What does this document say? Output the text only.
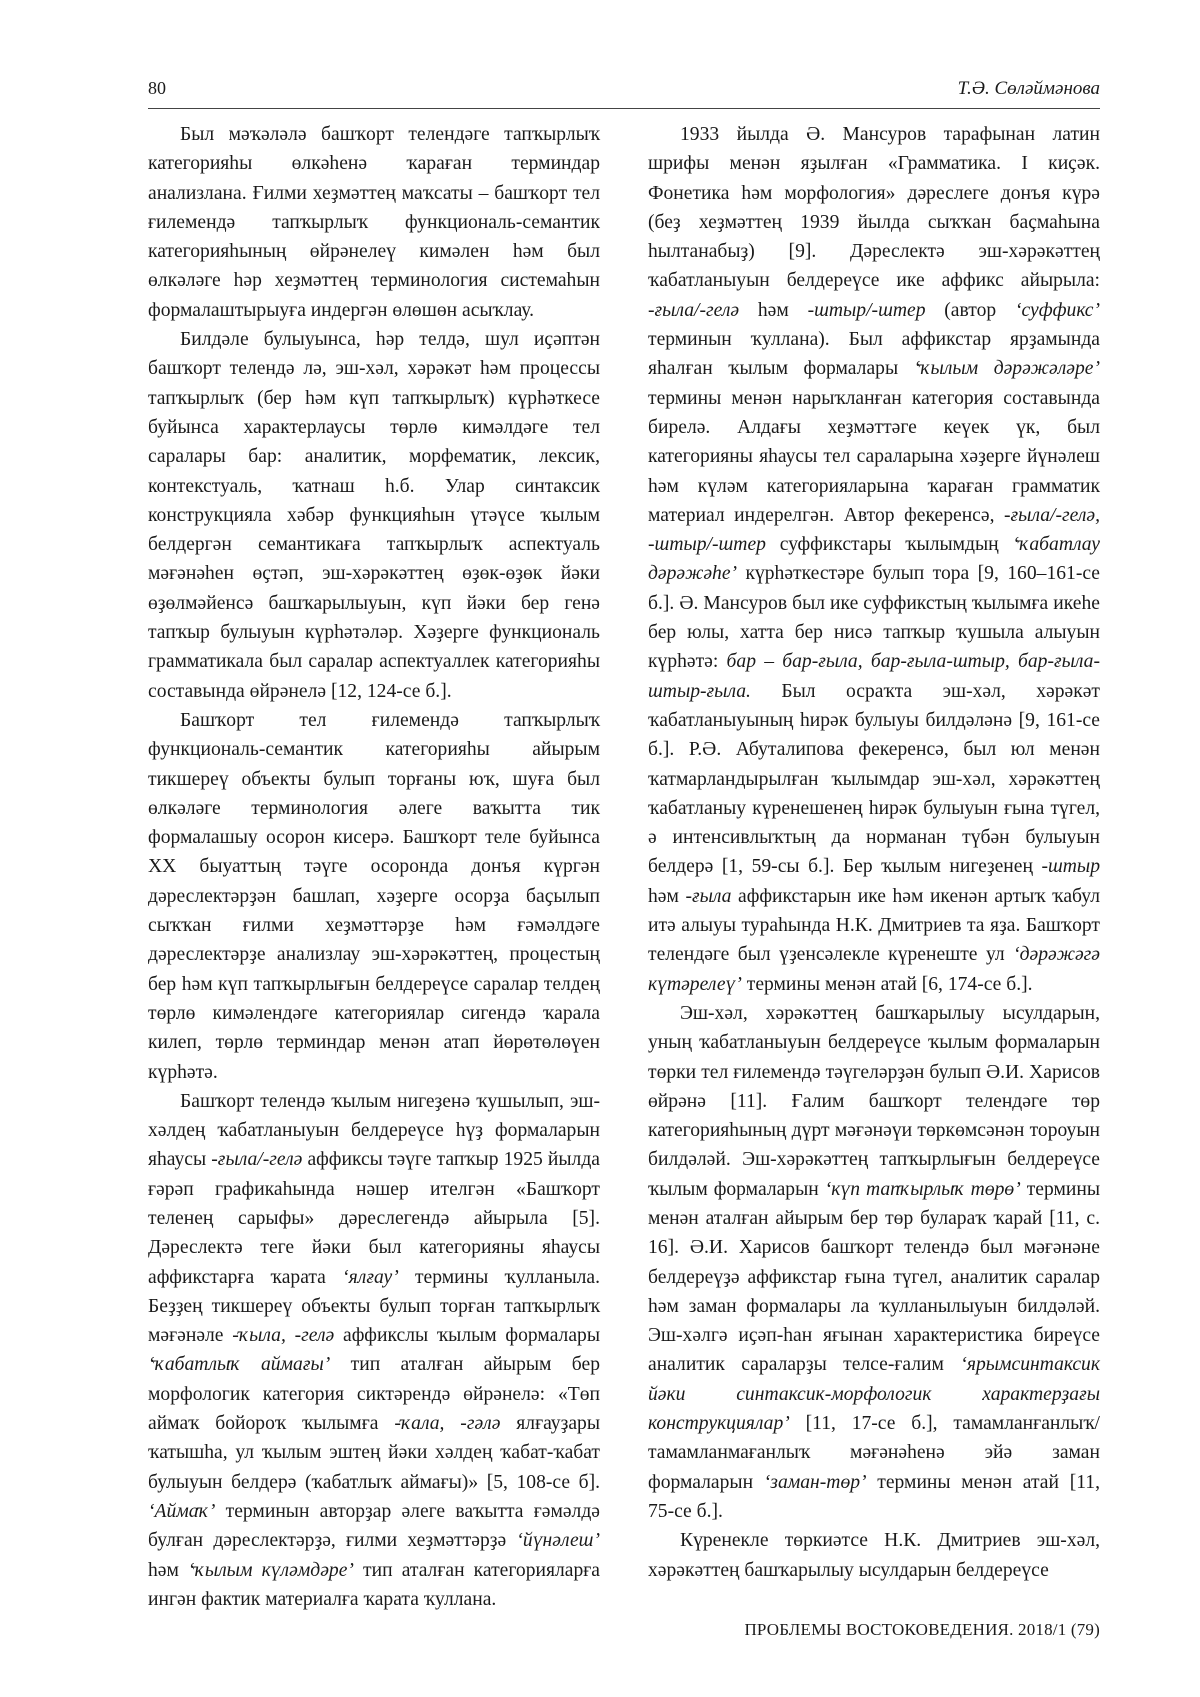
80	Т.Ә. Сөләймәнова

Был мәҡәләлә башҡорт телендәге тапҡырлыҡ категорияһы өлкәһенә ҡараған терминдар анализлана. Ғилми хеҙмәттең маҡсаты – башҡорт тел ғилемендә тапҡырлыҡ функциональ-семантик категорияһының өйрәнелеү кимәлен һәм был өлкәләге һәр хеҙмәттең терминология системаһын формалаштырыуға индергән өлөшөн асыҡлау.

Билдәле булыуынса, һәр телдә, шул иҫәптән башҡорт телендә лә, эш-хәл, хәрәкәт һәм процессы тапҡырлыҡ (бер һәм күп тапҡырлыҡ) күрһәткесе буйынса характерлаусы төрлө кимәлдәге тел саралары бар: аналитик, морфематик, лексик, контекстуаль, ҡатнаш һ.б. Улар синтаксик конструкцияла хәбәр функцияһын үтәүсе ҡылым белдергән семантикаға тапҡырлыҡ аспектуаль мәғәнәһен өҫтәп, эш-хәрәкәттең өҙөк-өҙөк йәки өҙөлмәйенсә башҡарылыуын, күп йәки бер генә тапҡыр булыуын күрһәтәләр. Хәҙерге функциональ грамматикала был саралар аспектуаллек категорияһы составында өйрәнелә [12, 124-се б.].

Башҡорт тел ғилемендә тапҡырлыҡ функциональ-семантик категорияһы айырым тикшереү объекты булып торғаны юҡ, шуға был өлкәләге терминология әлеге ваҡытта тик формалашыу осорон кисерә. Башҡорт теле буйынса XX быуаттың тәүге осоронда донъя күргән дәреслектәрҙән башлап, хәҙерге осорҙа баҫылып сыҡҡан ғилми хеҙмәттәрҙе һәм ғәмәлдәге дәреслектәрҙе анализлау эш-хәрәкәттең, процестың бер һәм күп тапҡырлығын белдереүсе саралар телдең төрлө кимәлендәге категориялар сигендә ҡарала килеп, төрлө терминдар менән атап йөрөтөлөүен күрһәтә.

Башҡорт телендә ҡылым нигеҙенә ҡушылып, эш-хәлдең ҡабатланыуын белдереүсе һүҙ формаларын яһаусы -ғыла/-гелә аффиксы тәүге тапҡыр 1925 йылда ғәрәп графикаһында нәшер ителгән «Башҡорт теленең сарыфы» дәреслегендә айырыла [5]. Дәреслектә теге йәки был категорияны яһаусы аффикстарға ҡарата ‘ялғау’ термины ҡулланыла. Беҙҙең тикшереү объекты булып торған тапҡырлыҡ мәғәнәле -ҡыла, -гелә аффикслы ҡылым формалары ‘ҡабатлыҡ аймағы’ тип аталған айырым бер морфологик категория сиктәрендә өйрәнелә: «Төп аймаҡ бойороҡ ҡылымға -ҡала, -гәлә ялғауҙары ҡатышһа, ул ҡылым эштең йәки хәлдең ҡабат-ҡабат булыуын белдерә (ҡабатлыҡ аймағы)» [5, 108-се б]. ‘Аймаҡ’ терминын авторҙар әлеге ваҡытта ғәмәлдә булған дәреслектәрҙә, ғилми хеҙмәттәрҙә ‘йүнәлеш’ һәм ‘ҡылым күләмдәре’ тип аталған категорияларға ингән фактик материалға ҡарата ҡуллана.

1933 йылда Ә. Мансуров тарафынан латин шрифы менән яҙылған «Грамматика. I киҫәк. Фонетика һәм морфология» дәреслеге донъя күрә (беҙ хеҙмәттең 1939 йылда сыҡҡан баҫмаһына һылтанабыҙ) [9]. Дәреслектә эш-хәрәкәттең ҡабатланыуын белдереүсе ике аффикс айырыла: -ғыла/-гелә һәм -штыр/-штер (автор ‘суффикс’ терминын ҡуллана). Был аффикстар ярҙамында яһалған ҡылым формалары ‘ҡылым дәрәжәләре’ термины менән нарыҡланған категория составында бирелә. Алдағы хеҙмәттәге кеүек үк, был категорияны яһаусы тел сараларына хәҙерге йүнәлеш һәм күләм категорияларына ҡараған грамматик материал индерелгән. Автор фекеренсә, -ғыла/-гелә, -штыр/-штер суффикстары ҡылымдың ‘ҡабатлау дәрәжәһе’ күрһәткестәре булып тора [9, 160–161-се б.]. Ә. Мансуров был ике суффикстың ҡылымға икеһе бер юлы, хатта бер нисә тапҡыр ҡушыла алыуын күрһәтә: бар – бар-ғыла, бар-ғыла-штыр, бар-ғыла-штыр-ғыла. Был осраҡта эш-хәл, хәрәкәт ҡабатланыуының һирәк булыуы билдәләнә [9, 161-се б.]. Р.Ә. Абуталипова фекеренсә, был юл менән ҡатмарландырылған ҡылымдар эш-хәл, хәрәкәттең ҡабатланыу күренешенең һирәк булыуын ғына түгел, ә интенсивлыҡтың да норманан түбән булыуын белдерә [1, 59-сы б.]. Бер ҡылым нигеҙенең -штыр һәм -ғыла аффикстарын ике һәм икенән артыҡ ҡабул итә алыуы тураһында Н.К. Дмитриев та яҙа. Башҡорт телендәге был үҙенсәлекле күренеште ул ‘дәрәжәгә күтәрелеү’ термины менән атай [6, 174-се б.].

Эш-хәл, хәрәкәттең башҡарылыу ысулдарын, уның ҡабатланыуын белдереүсе ҡылым формаларын төрки тел ғилемендә тәүгеләрҙән булып Ә.И. Харисов өйрәнә [11]. Ғалим башҡорт телендәге төр категорияһының дүрт мәғәнәүи төркөмсәнән тороуын билдәләй. Эш-хәрәкәттең тапҡырлығын белдереүсе ҡылым формаларын ‘күп тапҡырлыҡ төрө’ термины менән аталған айырым бер төр булараҡ ҡарай [11, с. 16]. Ә.И. Харисов башҡорт телендә был мәғәнәне белдереүҙә аффикстар ғына түгел, аналитик саралар һәм заман формалары ла ҡулланылыуын билдәләй. Эш-хәлгә иҫәп-һан яғынан характеристика биреүсе аналитик сараларҙы телсе-ғалим ‘ярымсинтаксик йәки синтаксик-морфологик характерҙағы конструкциялар’ [11, 17-се б.], тамамланғанлыҡ/тамамланмағанлыҡ мәғәнәһенә эйә заман формаларын ‘заман-төр’ термины менән атай [11, 75-се б.].

Күренекле төркиәтсе Н.К. Дмитриев эш-хәл, хәрәкәттең башҡарылыу ысулдарын белдереүсе

ПРОБЛЕМЫ ВОСТОКОВЕДЕНИЯ. 2018/1 (79)
